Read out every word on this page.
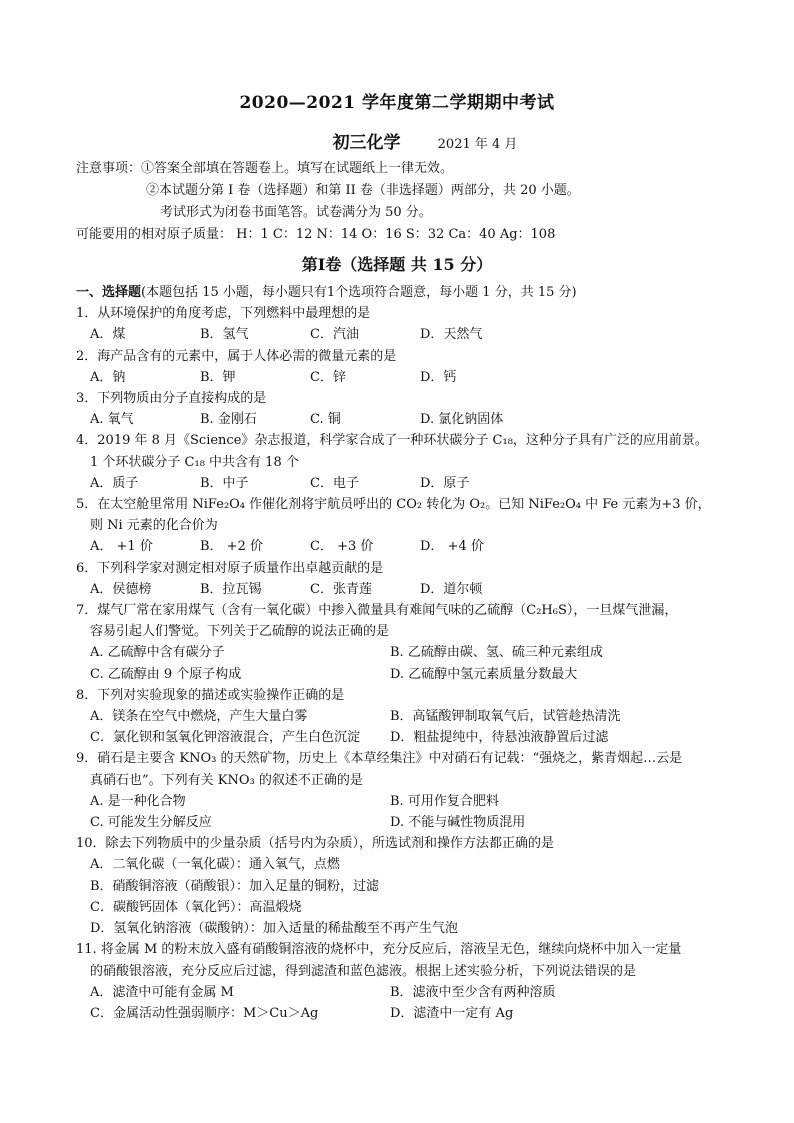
2020—2021 学年度第二学期期中考试
初三化学	2021 年 4 月
注意事项：①答案全部填在答题卷上。填写在试题纸上一律无效。
②本试题分第 I 卷（选择题）和第 II 卷（非选择题）两部分，共 20 小题。
考试形式为闭卷书面笔答。试卷满分为 50 分。
可能要用的相对原子质量： H：1 C：12 N：14 O：16 S：32 Ca：40 Ag：108
第Ⅰ卷（选择题 共 15 分）
一、选择题(本题包括 15 小题，每小题只有1个选项符合题意，每小题 1 分，共 15 分)
1．从环境保护的角度考虑，下列燃料中最理想的是
A．煤	B．氢气	C．汽油	D．天然气
2．海产品含有的元素中，属于人体必需的微量元素的是
A．钠	B．钾	C．锌	D．钙
3．下列物质由分子直接构成的是
A. 氧气	B. 金刚石	C. 铜	D. 氯化钠固体
4．2019 年 8 月《Science》杂志报道，科学家合成了一种环状碳分子 C₁₈，这种分子具有广泛的应用前景。
1 个环状碳分子 C₁₈ 中共含有 18 个
A．质子	B．中子	C．电子	D．原子
5．在太空舱里常用 NiFe₂O₄ 作催化剂将宇航员呼出的 CO₂ 转化为 O₂。已知 NiFe₂O₄ 中 Fe 元素为+3 价，
则 Ni 元素的化合价为
A． +1 价	B． +2 价	C． +3 价	D． +4 价
6．下列科学家对测定相对原子质量作出卓越贡献的是
A．侯德榜	B．拉瓦锡	C．张青莲	D．道尔顿
7．煤气厂常在家用煤气（含有一氧化碳）中掺入微量具有难闻气味的乙硫醇（C₂H₆S），一旦煤气泄漏，
容易引起人们警觉。下列关于乙硫醇的说法正确的是
A. 乙硫醇中含有碳分子	B. 乙硫醇由碳、氢、硫三种元素组成
C. 乙硫醇由 9 个原子构成	D. 乙硫醇中氢元素质量分数最大
8．下列对实验现象的描述或实验操作正确的是
A．镁条在空气中燃烧，产生大量白雾	B．高锰酸钾制取氧气后，试管趁热清洗
C．氯化钡和氢氧化钾溶液混合，产生白色沉淀	D．粗盐提纯中，待悬浊液静置后过滤
9．硝石是主要含 KNO₃ 的天然矿物，历史上《本草经集注》中对硝石有记载：“强烧之，紫青烟起…云是
真硝石也”。下列有关 KNO₃ 的叙述不正确的是
A. 是一种化合物	B. 可用作复合肥料
C. 可能发生分解反应	D. 不能与碱性物质混用
10．除去下列物质中的少量杂质（括号内为杂质），所选试剂和操作方法都正确的是
A．二氧化碳（一氧化碳）：通入氧气，点燃
B．硝酸铜溶液（硝酸银）：加入足量的铜粉，过滤
C．碳酸钙固体（氧化钙）：高温煅烧
D．氢氧化钠溶液（碳酸钠）：加入适量的稀盐酸至不再产生气泡
11. 将金属 M 的粉末放入盛有硝酸铜溶液的烧杯中，充分反应后，溶液呈无色，继续向烧杯中加入一定量
的硝酸银溶液，充分反应后过滤，得到滤渣和蓝色滤液。根据上述实验分析，下列说法错误的是
A．滤渣中可能有金属 M	B．滤液中至少含有两种溶质
C．金属活动性强弱顺序：M＞Cu＞Ag	D．滤渣中一定有 Ag
